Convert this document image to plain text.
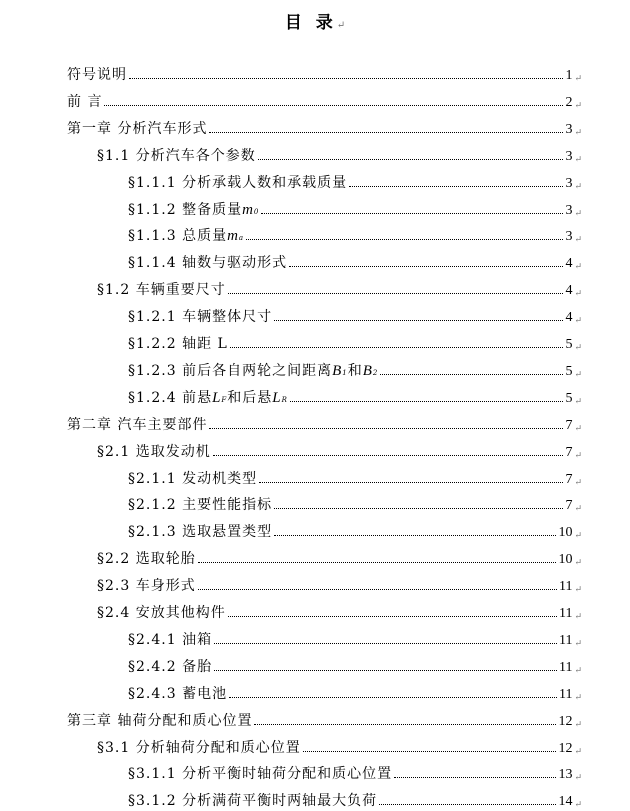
目 录↵
符号说明	1 ↵
前 言	2 ↵
第一章 分析汽车形式	3 ↵
§1.1 分析汽车各个参数	3 ↵
§1.1.1 分析承载人数和承载质量	3 ↵
§1.1.2 整备质量m0	3 ↵
§1.1.3 总质量ma	3 ↵
§1.1.4 轴数与驱动形式	4 ↵
§1.2 车辆重要尺寸	4 ↵
§1.2.1 车辆整体尺寸	4 ↵
§1.2.2 轴距 L	5 ↵
§1.2.3 前后各自两轮之间距离B1和B2	5 ↵
§1.2.4 前悬LF和后悬LR	5 ↵
第二章 汽车主要部件	7 ↵
§2.1 选取发动机	7 ↵
§2.1.1 发动机类型	7 ↵
§2.1.2 主要性能指标	7 ↵
§2.1.3 选取悬置类型	10 ↵
§2.2 选取轮胎	10 ↵
§2.3 车身形式	11 ↵
§2.4 安放其他构件	11 ↵
§2.4.1 油箱	11 ↵
§2.4.2 备胎	11 ↵
§2.4.3 蓄电池	11 ↵
第三章 轴荷分配和质心位置	12 ↵
§3.1 分析轴荷分配和质心位置	12 ↵
§3.1.1 分析平衡时轴荷分配和质心位置	13 ↵
§3.1.2 分析满荷平衡时两轴最大负荷	14 ↵
